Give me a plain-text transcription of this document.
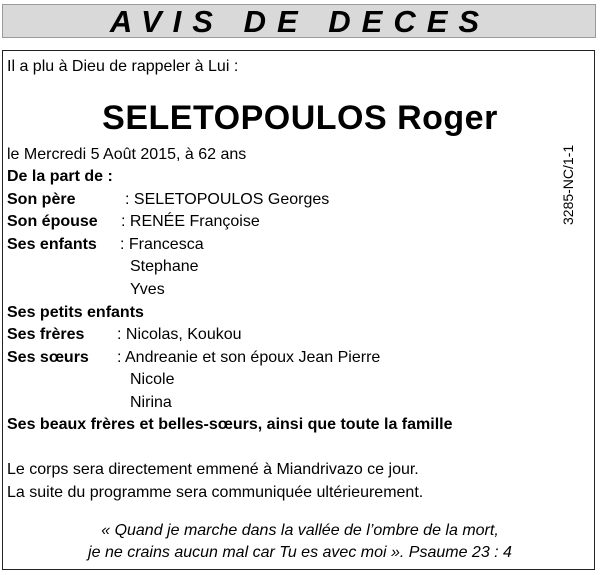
AVIS DE DECES
Il a plu à Dieu de rappeler à Lui :
SELETOPOULOS Roger
le Mercredi 5 Août 2015, à 62 ans
De la part de :
Son père	: SELETOPOULOS Georges
Son épouse : RENÉE Françoise
Ses enfants : Francesca
Stephane
Yves
Ses petits enfants
Ses frères : Nicolas, Koukou
Ses sœurs : Andreanie et son époux Jean Pierre
Nicole
Nirina
Ses beaux frères et belles-sœurs, ainsi que toute la famille
Le corps sera directement emmené à Miandrivazo ce jour.
La suite du programme sera communiquée ultérieurement.
« Quand je marche dans la vallée de l’ombre de la mort,
je ne crains aucun mal car Tu es avec moi ». Psaume 23 : 4
3285-NC/1-1
